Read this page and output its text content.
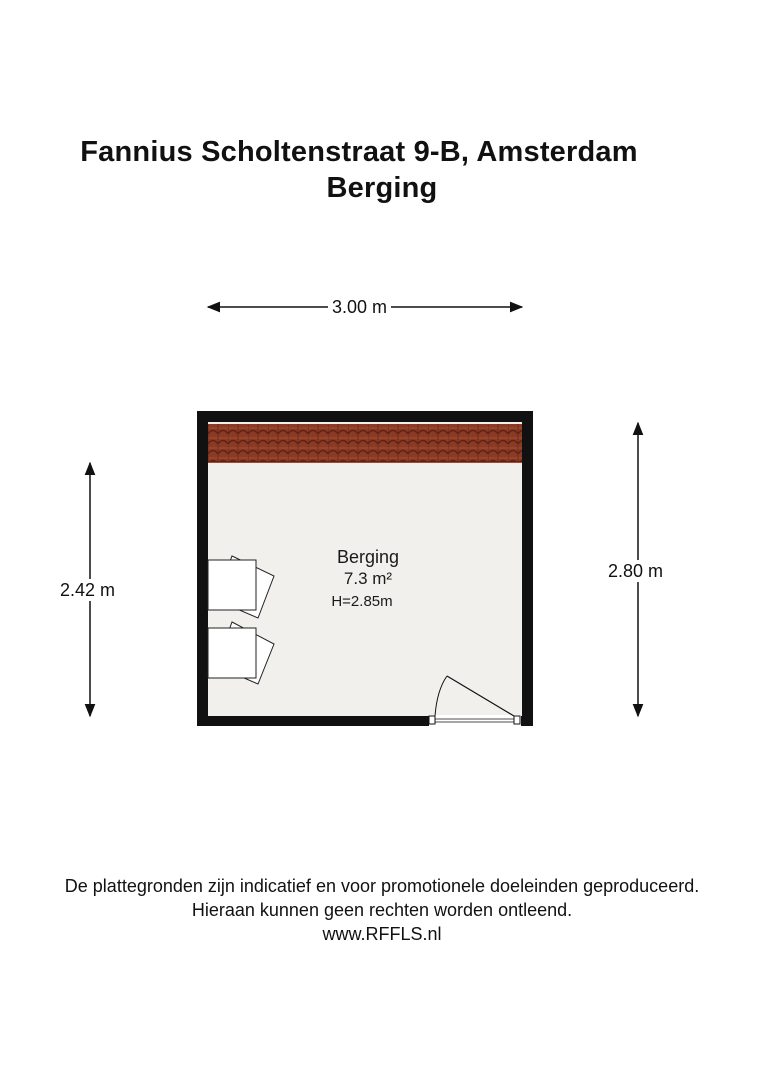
Fannius Scholtenstraat 9-B, Amsterdam
Berging
3.00 m
2.42 m
2.80 m
Berging
7.3 m²
H=2.85m
De plattegronden zijn indicatief en voor promotionele doeleinden geproduceerd.
Hieraan kunnen geen rechten worden ontleend.
www.RFFLS.nl
